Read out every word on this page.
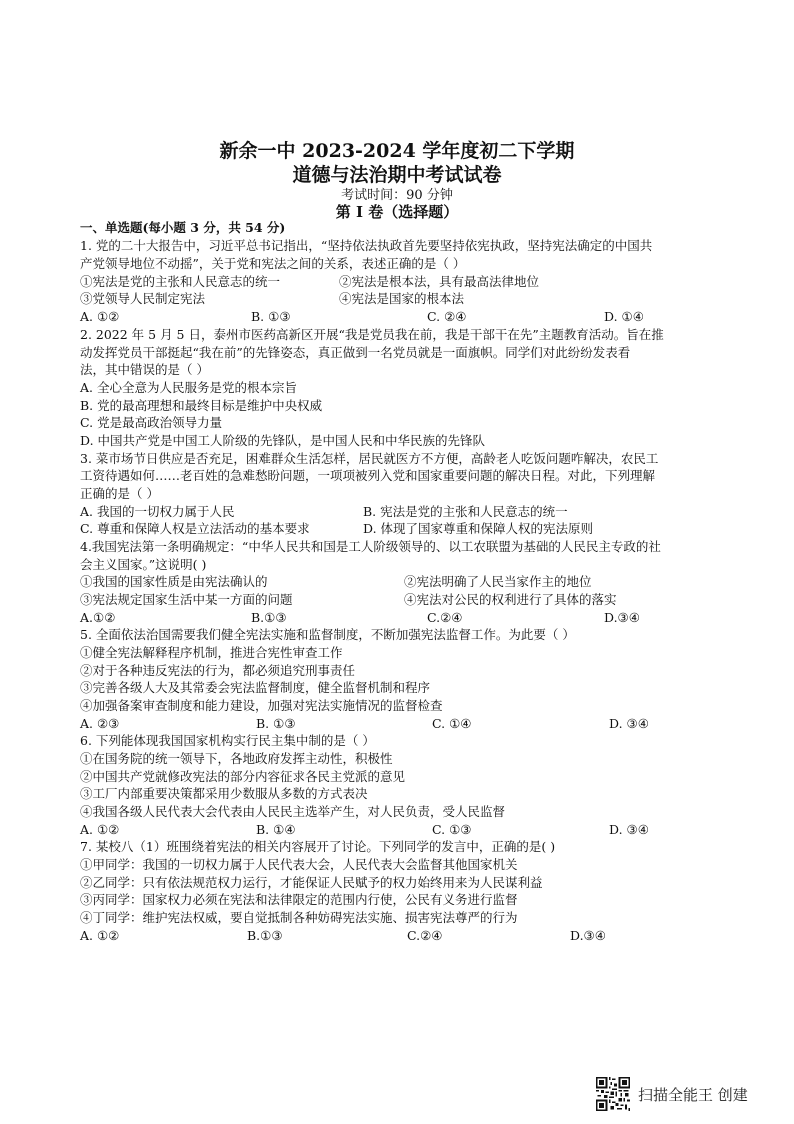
新余一中 2023-2024 学年度初二下学期
道德与法治期中考试试卷
考试时间：90 分钟
第 I 卷（选择题）
一、单选题(每小题 3 分，共 54 分)
1. 党的二十大报告中，习近平总书记指出，“坚持依法执政首先要坚持依宪执政，坚持宪法确定的中国共
产党领导地位不动摇”，关于党和宪法之间的关系，表述正确的是（ ）
①宪法是党的主张和人民意志的统一	②宪法是根本法，具有最高法律地位
③党领导人民制定宪法	④宪法是国家的根本法
A. ①②	B. ①③	C. ②④	D. ①④
2. 2022 年 5 月 5 日，泰州市医药高新区开展“我是党员我在前，我是干部干在先”主题教育活动。旨在推
动发挥党员干部挺起“我在前”的先锋姿态，真正做到一名党员就是一面旗帜。同学们对此纷纷发表看
法，其中错误的是（ ）
A. 全心全意为人民服务是党的根本宗旨
B. 党的最高理想和最终目标是维护中央权威
C. 党是最高政治领导力量
D. 中国共产党是中国工人阶级的先锋队，是中国人民和中华民族的先锋队
3. 菜市场节日供应是否充足，困难群众生活怎样，居民就医方不方便，高龄老人吃饭问题咋解决，农民工
工资待遇如何……老百姓的急难愁盼问题，一项项被列入党和国家重要问题的解决日程。对此，下列理解
正确的是（ ）
A. 我国的一切权力属于人民	B. 宪法是党的主张和人民意志的统一
C. 尊重和保障人权是立法活动的基本要求	D. 体现了国家尊重和保障人权的宪法原则
4.我国宪法第一条明确规定：“中华人民共和国是工人阶级领导的、以工农联盟为基础的人民民主专政的社
会主义国家。”这说明( )
①我国的国家性质是由宪法确认的	②宪法明确了人民当家作主的地位
③宪法规定国家生活中某一方面的问题	④宪法对公民的权利进行了具体的落实
A.①②	B.①③	C.②④	D.③④
5. 全面依法治国需要我们健全宪法实施和监督制度，不断加强宪法监督工作。为此要（ ）
①健全宪法解释程序机制，推进合宪性审查工作
②对于各种违反宪法的行为，都必须追究刑事责任
③完善各级人大及其常委会宪法监督制度，健全监督机制和程序
④加强备案审查制度和能力建设，加强对宪法实施情况的监督检查
A. ②③	B. ①③	C. ①④	D. ③④
6. 下列能体现我国国家机构实行民主集中制的是（ ）
①在国务院的统一领导下，各地政府发挥主动性，积极性
②中国共产党就修改宪法的部分内容征求各民主党派的意见
③工厂内部重要决策都采用少数服从多数的方式表决
④我国各级人民代表大会代表由人民民主选举产生，对人民负责，受人民监督
A. ①②	B. ①④	C. ①③	D. ③④
7. 某校八（1）班围绕着宪法的相关内容展开了讨论。下列同学的发言中，正确的是( )
①甲同学：我国的一切权力属于人民代表大会，人民代表大会监督其他国家机关
②乙同学：只有依法规范权力运行，才能保证人民赋予的权力始终用来为人民谋利益
③丙同学：国家权力必须在宪法和法律限定的范围内行使，公民有义务进行监督
④丁同学：维护宪法权威，要自觉抵制各种妨碍宪法实施、损害宪法尊严的行为
A. ①②	B.①③	C.②④	D.③④
扫描全能王 创建
